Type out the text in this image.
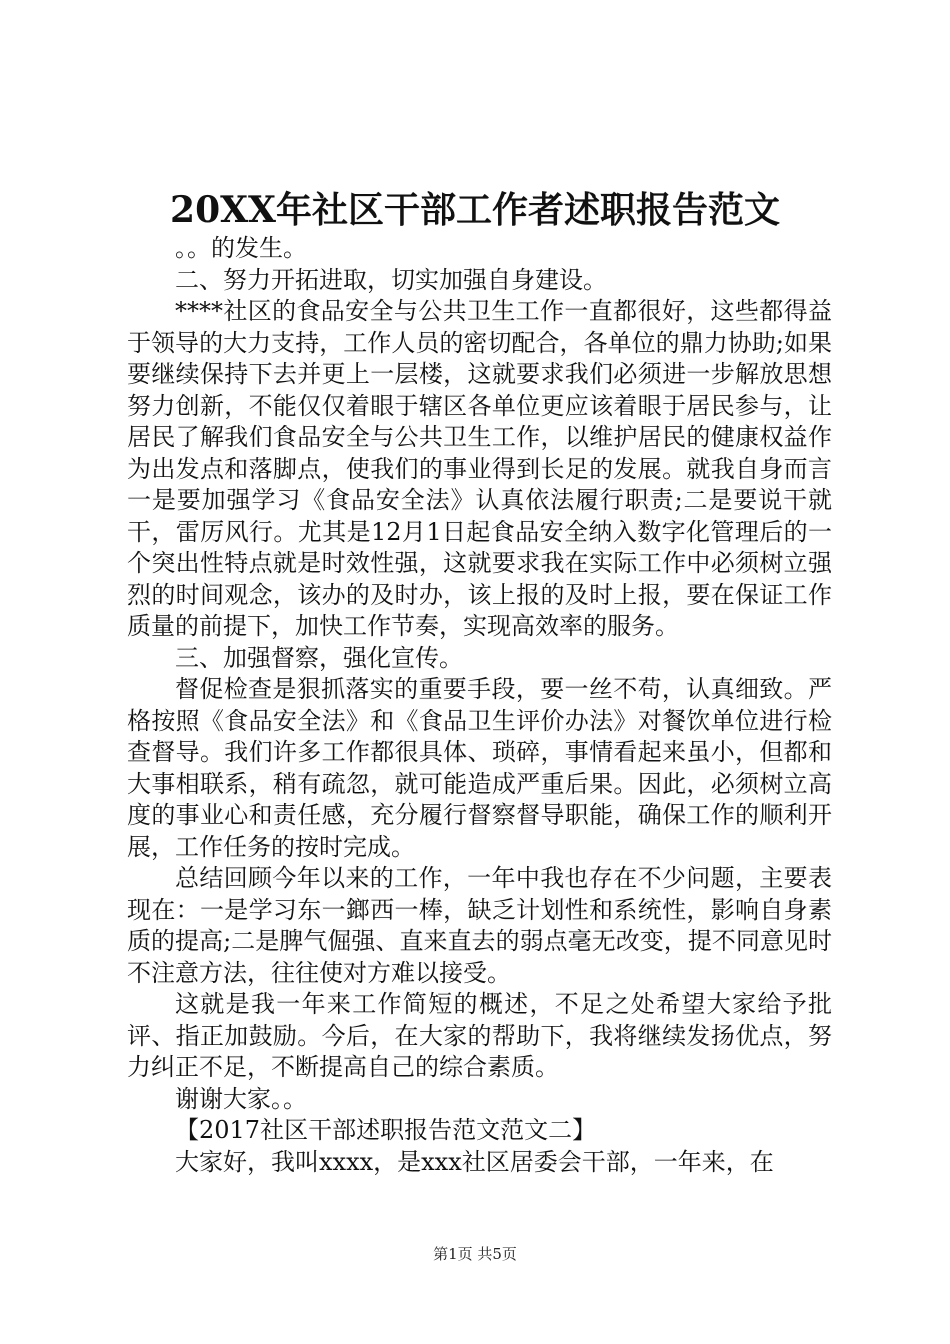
20XX年社区干部工作者述职报告范文

。。的发生。

二、努力开拓进取，切实加强自身建设。

****社区的食品安全与公共卫生工作一直都很好，这些都得益于领导的大力支持，工作人员的密切配合，各单位的鼎力协助;如果要继续保持下去并更上一层楼，这就要求我们必须进一步解放思想努力创新，不能仅仅着眼于辖区各单位更应该着眼于居民参与，让居民了解我们食品安全与公共卫生工作，以维护居民的健康权益作为出发点和落脚点，使我们的事业得到长足的发展。就我自身而言一是要加强学习《食品安全法》认真依法履行职责;二是要说干就干，雷厉风行。尤其是12月1日起食品安全纳入数字化管理后的一个突出性特点就是时效性强，这就要求我在实际工作中必须树立强烈的时间观念，该办的及时办，该上报的及时上报，要在保证工作质量的前提下，加快工作节奏，实现高效率的服务。

三、加强督察，强化宣传。

督促检查是狠抓落实的重要手段，要一丝不苟，认真细致。严格按照《食品安全法》和《食品卫生评价办法》对餐饮单位进行检查督导。我们许多工作都很具体、琐碎，事情看起来虽小，但都和大事相联系，稍有疏忽，就可能造成严重后果。因此，必须树立高度的事业心和责任感，充分履行督察督导职能，确保工作的顺利开展，工作任务的按时完成。

总结回顾今年以来的工作，一年中我也存在不少问题，主要表现在：一是学习东一鎯西一棒，缺乏计划性和系统性，影响自身素质的提高;二是脾气倔强、直来直去的弱点毫无改变，提不同意见时不注意方法，往往使对方难以接受。

这就是我一年来工作简短的概述，不足之处希望大家给予批评、指正加鼓励。今后，在大家的帮助下，我将继续发扬优点，努力纠正不足，不断提高自己的综合素质。

谢谢大家。。

【2017社区干部述职报告范文范文二】

大家好，我叫xxxx，是xxx社区居委会干部，一年来，在

第1页 共5页
